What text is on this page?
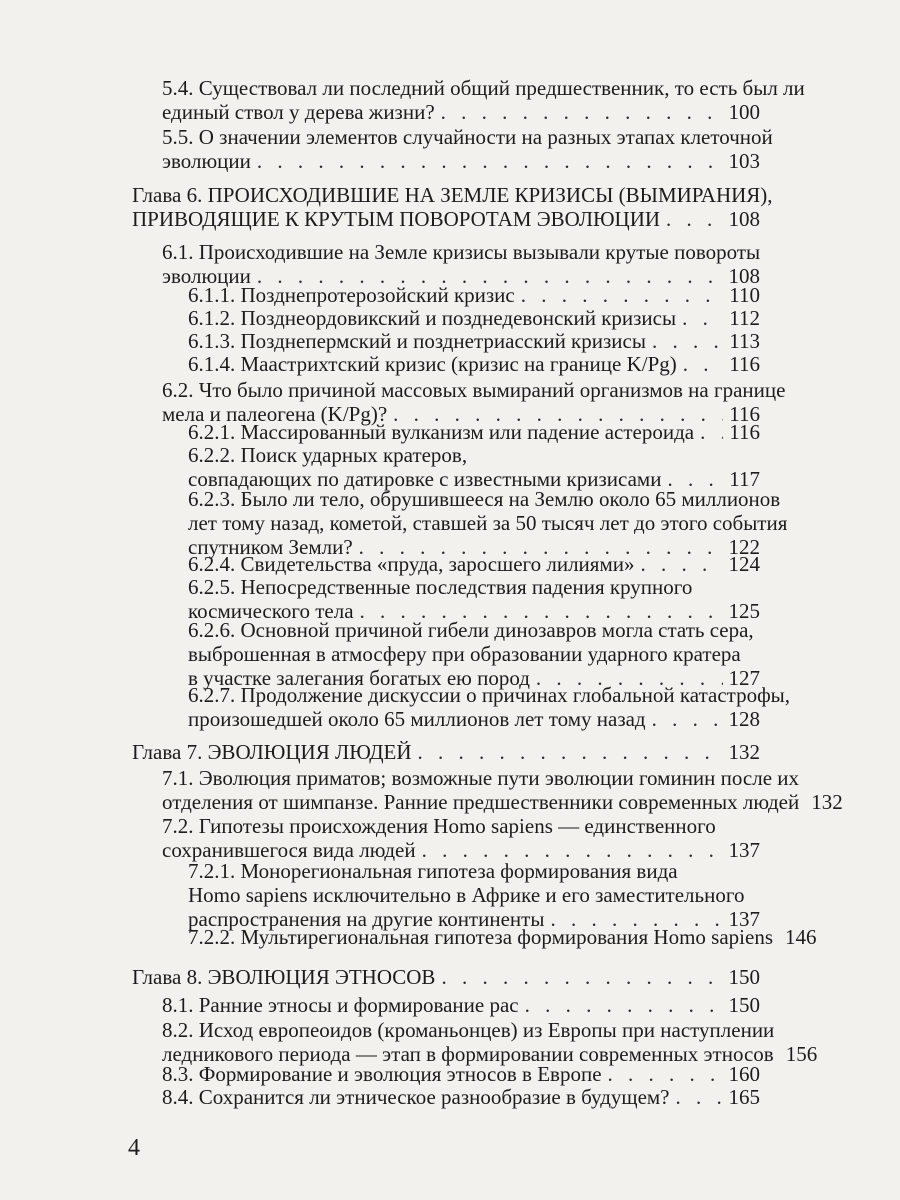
5.4. Существовал ли последний общий предшественник, то есть был ли
единый ствол у дерева жизни? . . .	100
5.5. О значении элементов случайности на разных этапах клеточной
эволюции . . .	103
Глава 6. ПРОИСХОДИВШИЕ НА ЗЕМЛЕ КРИЗИСЫ (ВЫМИРАНИЯ),
ПРИВОДЯЩИЕ К КРУТЫМ ПОВОРОТАМ ЭВОЛЮЦИИ . . .	108
6.1. Происходившие на Земле кризисы вызывали крутые повороты
эволюции . . .	108
6.1.1. Позднепротерозойский кризис . . .	110
6.1.2. Позднеордовикский и позднедевонский кризисы . . .	112
6.1.3. Позднепермский и позднетриасский кризисы . . .	113
6.1.4. Маастрихтский кризис (кризис на границе K/Pg) . . .	116
6.2. Что было причиной массовых вымираний организмов на границе
мела и палеогена (K/Pg)? . . .	116
6.2.1. Массированный вулканизм или падение астероида . . . 116
6.2.2. Поиск ударных кратеров,
совпадающих по датировке с известными кризисами . . .	117
6.2.3. Было ли тело, обрушившееся на Землю около 65 миллионов
лет тому назад, кометой, ставшей за 50 тысяч лет до этого события
спутником Земли? . . .	122
6.2.4. Свидетельства «пруда, заросшего лилиями» . . .	124
6.2.5. Непосредственные последствия падения крупного
космического тела . . .	125
6.2.6. Основной причиной гибели динозавров могла стать сера,
выброшенная в атмосферу при образовании ударного кратера
в участке залегания богатых ею пород . . .	127
6.2.7. Продолжение дискуссии о причинах глобальной катастрофы,
произошедшей около 65 миллионов лет тому назад . . .	128
Глава 7. ЭВОЛЮЦИЯ ЛЮДЕЙ . . .	132
7.1. Эволюция приматов; возможные пути эволюции гоминин после их
отделения от шимпанзе. Ранние предшественники современных людей 132
7.2. Гипотезы происхождения Homo sapiens — единственного
сохранившегося вида людей . . .	137
7.2.1. Монорегиональная гипотеза формирования вида
Homo sapiens исключительно в Африке и его заместительного
распространения на другие континенты . . .	137
7.2.2. Мультирегиональная гипотеза формирования Homo sapiens 146
Глава 8. ЭВОЛЮЦИЯ ЭТНОСОВ . . .	150
8.1. Ранние этносы и формирование рас . . .	150
8.2. Исход европеоидов (кроманьонцев) из Европы при наступлении
ледникового периода — этап в формировании современных этносов 156
8.3. Формирование и эволюция этносов в Европе . . .	160
8.4. Сохранится ли этническое разнообразие в будущем? . . .	165
4
